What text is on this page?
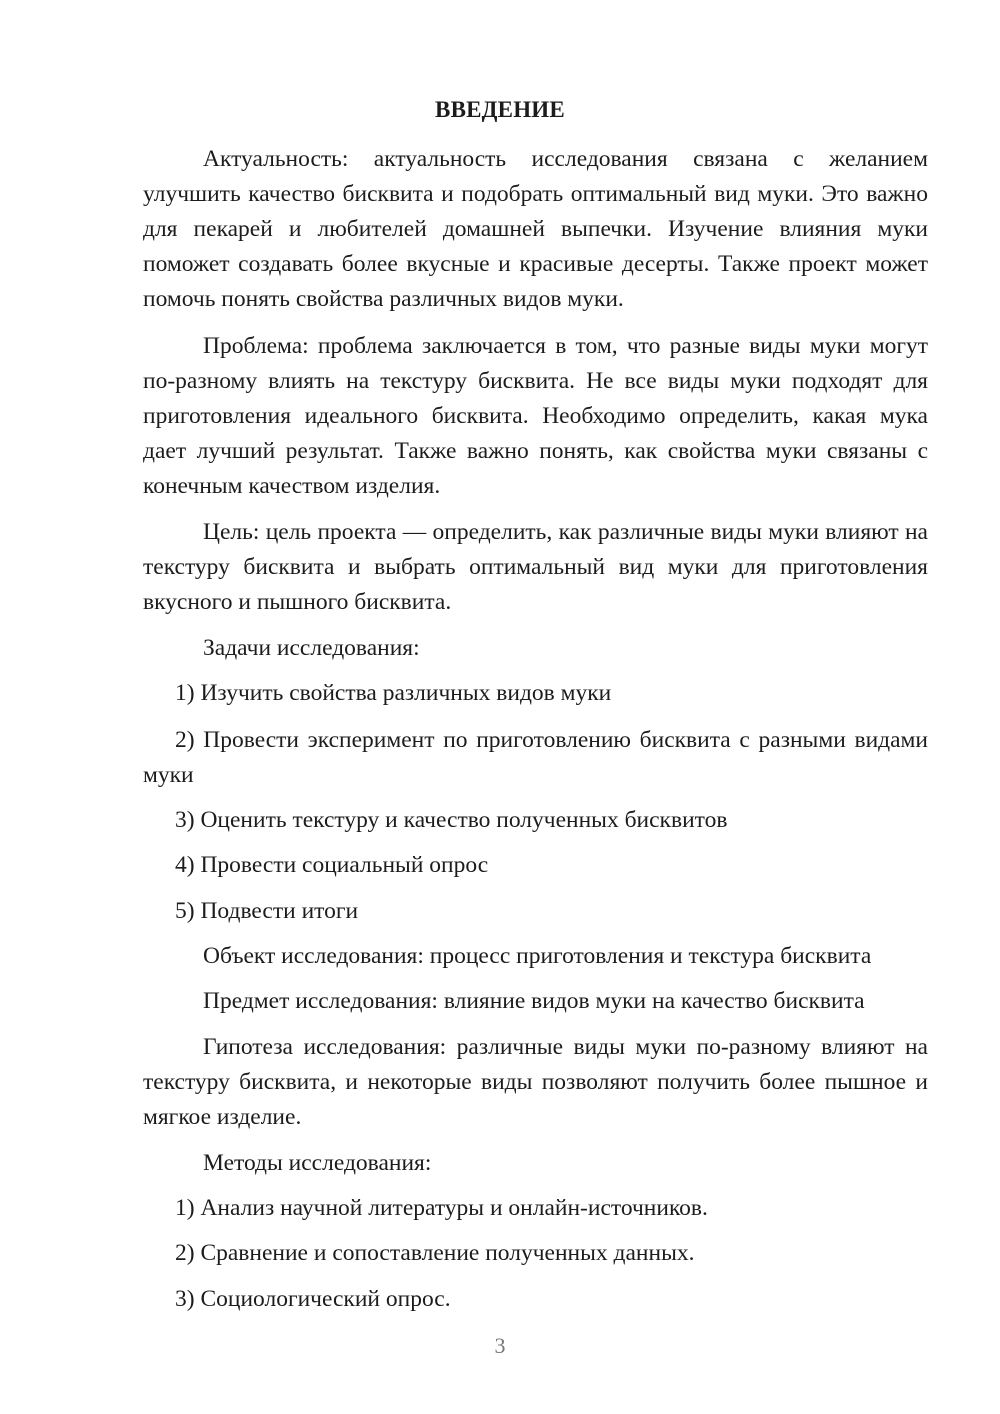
ВВЕДЕНИЕ

Актуальность: актуальность исследования связана с желанием улучшить качество бисквита и подобрать оптимальный вид муки. Это важно для пекарей и любителей домашней выпечки. Изучение влияния муки поможет создавать более вкусные и красивые десерты. Также проект может помочь понять свойства различных видов муки.

Проблема: проблема заключается в том, что разные виды муки могут по-разному влиять на текстуру бисквита. Не все виды муки подходят для приготовления идеального бисквита. Необходимо определить, какая мука дает лучший результат. Также важно понять, как свойства муки связаны с конечным качеством изделия.

Цель: цель проекта — определить, как различные виды муки влияют на текстуру бисквита и выбрать оптимальный вид муки для приготовления вкусного и пышного бисквита.

Задачи исследования:

1) Изучить свойства различных видов муки

2) Провести эксперимент по приготовлению бисквита с разными видами муки

3) Оценить текстуру и качество полученных бисквитов

4) Провести социальный опрос

5) Подвести итоги

Объект исследования: процесс приготовления и текстура бисквита

Предмет исследования: влияние видов муки на качество бисквита

Гипотеза исследования: различные виды муки по-разному влияют на текстуру бисквита, и некоторые виды позволяют получить более пышное и мягкое изделие.

Методы исследования:

1) Анализ научной литературы и онлайн-источников.

2) Сравнение и сопоставление полученных данных.

3) Социологический опрос.

3
